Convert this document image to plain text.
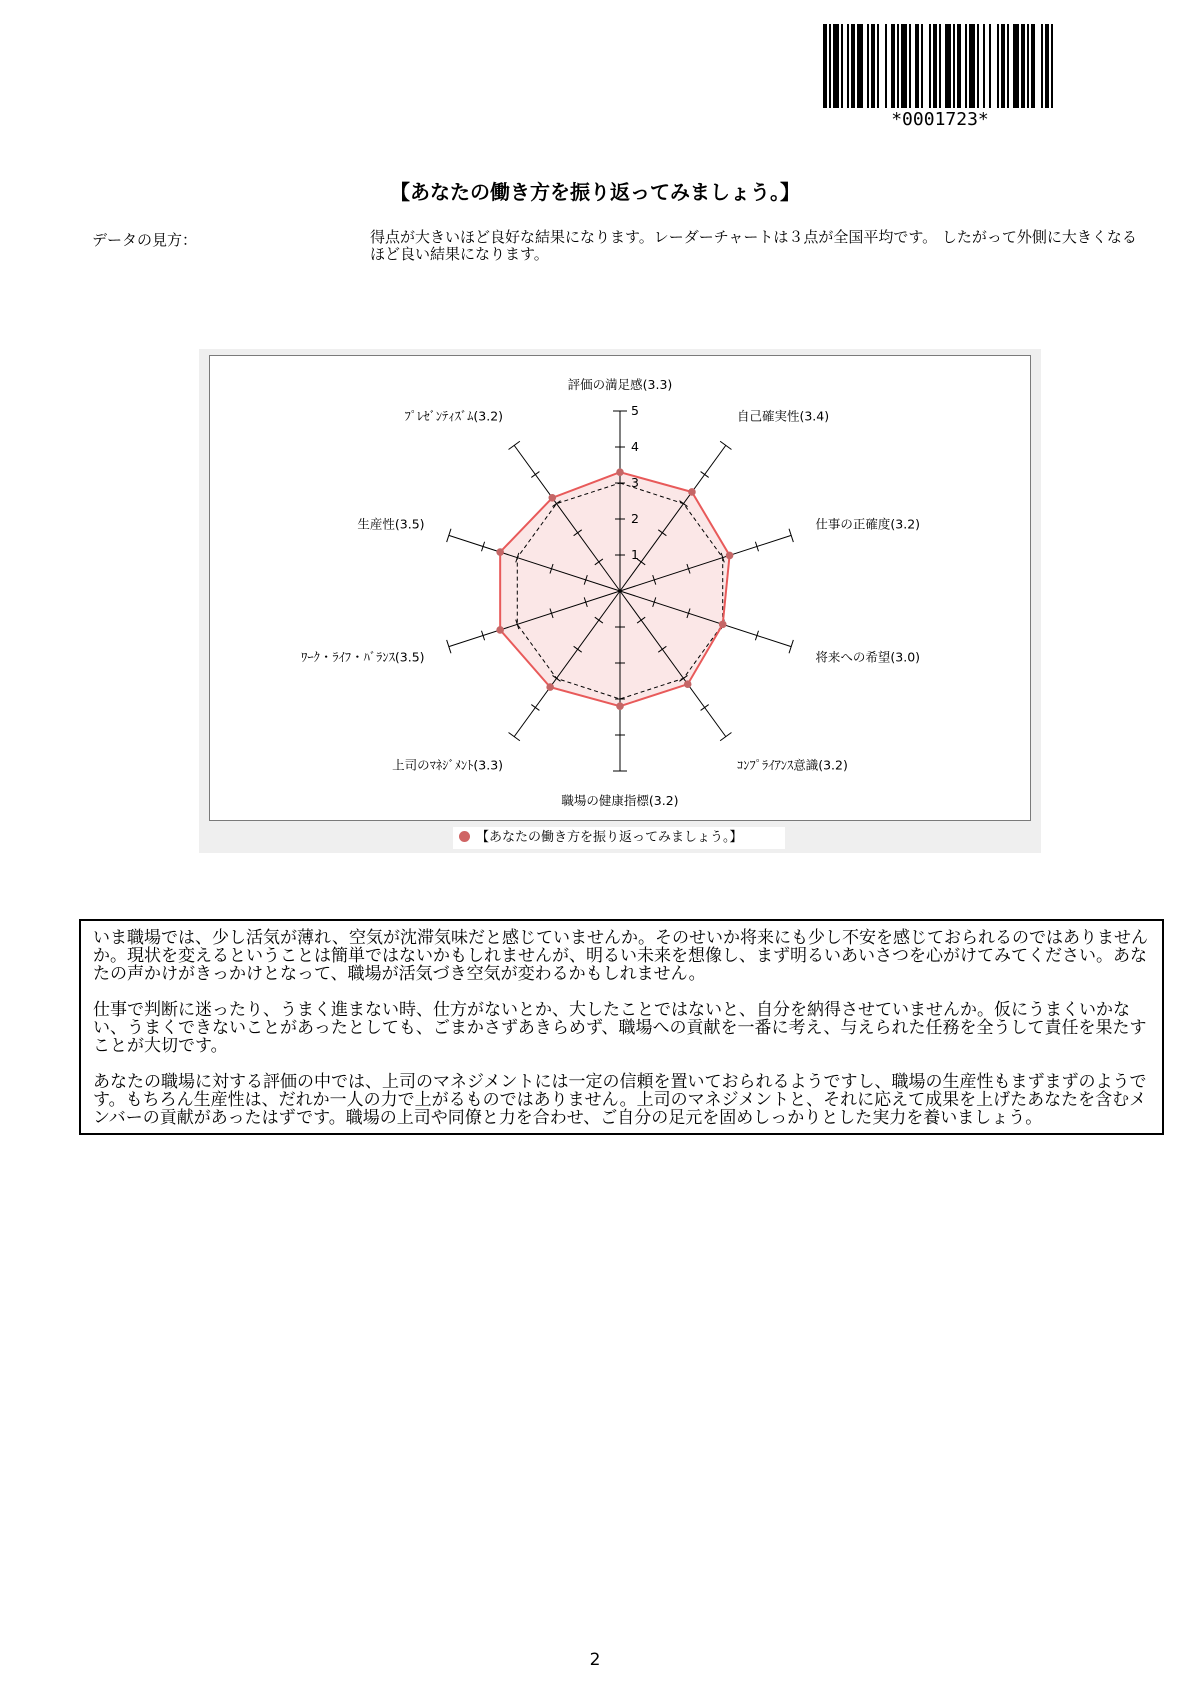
*0001723*
【あなたの働き方を振り返ってみましょう。】
データの見方：	得点が大きいほど良好な結果になります。レーダーチャートは３点が全国平均です。 したがって外側に大きくなるほど良い結果になります。
1
2
3
4
5
評価の満足感(3.3)
自己確実性(3.4)
仕事の正確度(3.2)
将来への希望(3.0)
ｺﾝﾌﾟﾗｲｱﾝｽ意識(3.2)
職場の健康指標(3.2)
上司のﾏﾈｼﾞﾒﾝﾄ(3.3)
ﾜｰｸ・ﾗｲﾌ・ﾊﾞﾗﾝｽ(3.5)
生産性(3.5)
ﾌﾟﾚｾﾞﾝﾃｨｽﾞﾑ(3.2)
【あなたの働き方を振り返ってみましょう。】

いま職場では、少し活気が薄れ、空気が沈滞気味だと感じていませんか。そのせいか将来にも少し不安を感じておられるのではありませんか。現状を変えるということは簡単ではないかもしれませんが、明るい未来を想像し、まず明るいあいさつを心がけてみてください。あなたの声かけがきっかけとなって、職場が活気づき空気が変わるかもしれません。

仕事で判断に迷ったり、うまく進まない時、仕方がないとか、大したことではないと、自分を納得させていませんか。仮にうまくいかない、うまくできないことがあったとしても、ごまかさずあきらめず、職場への貢献を一番に考え、与えられた任務を全うして責任を果たすことが大切です。

あなたの職場に対する評価の中では、上司のマネジメントには一定の信頼を置いておられるようですし、職場の生産性もまずまずのようです。もちろん生産性は、だれか一人の力で上がるものではありません。上司のマネジメントと、それに応えて成果を上げたあなたを含むメンバーの貢献があったはずです。職場の上司や同僚と力を合わせ、ご自分の足元を固めしっかりとした実力を養いましょう。

2
